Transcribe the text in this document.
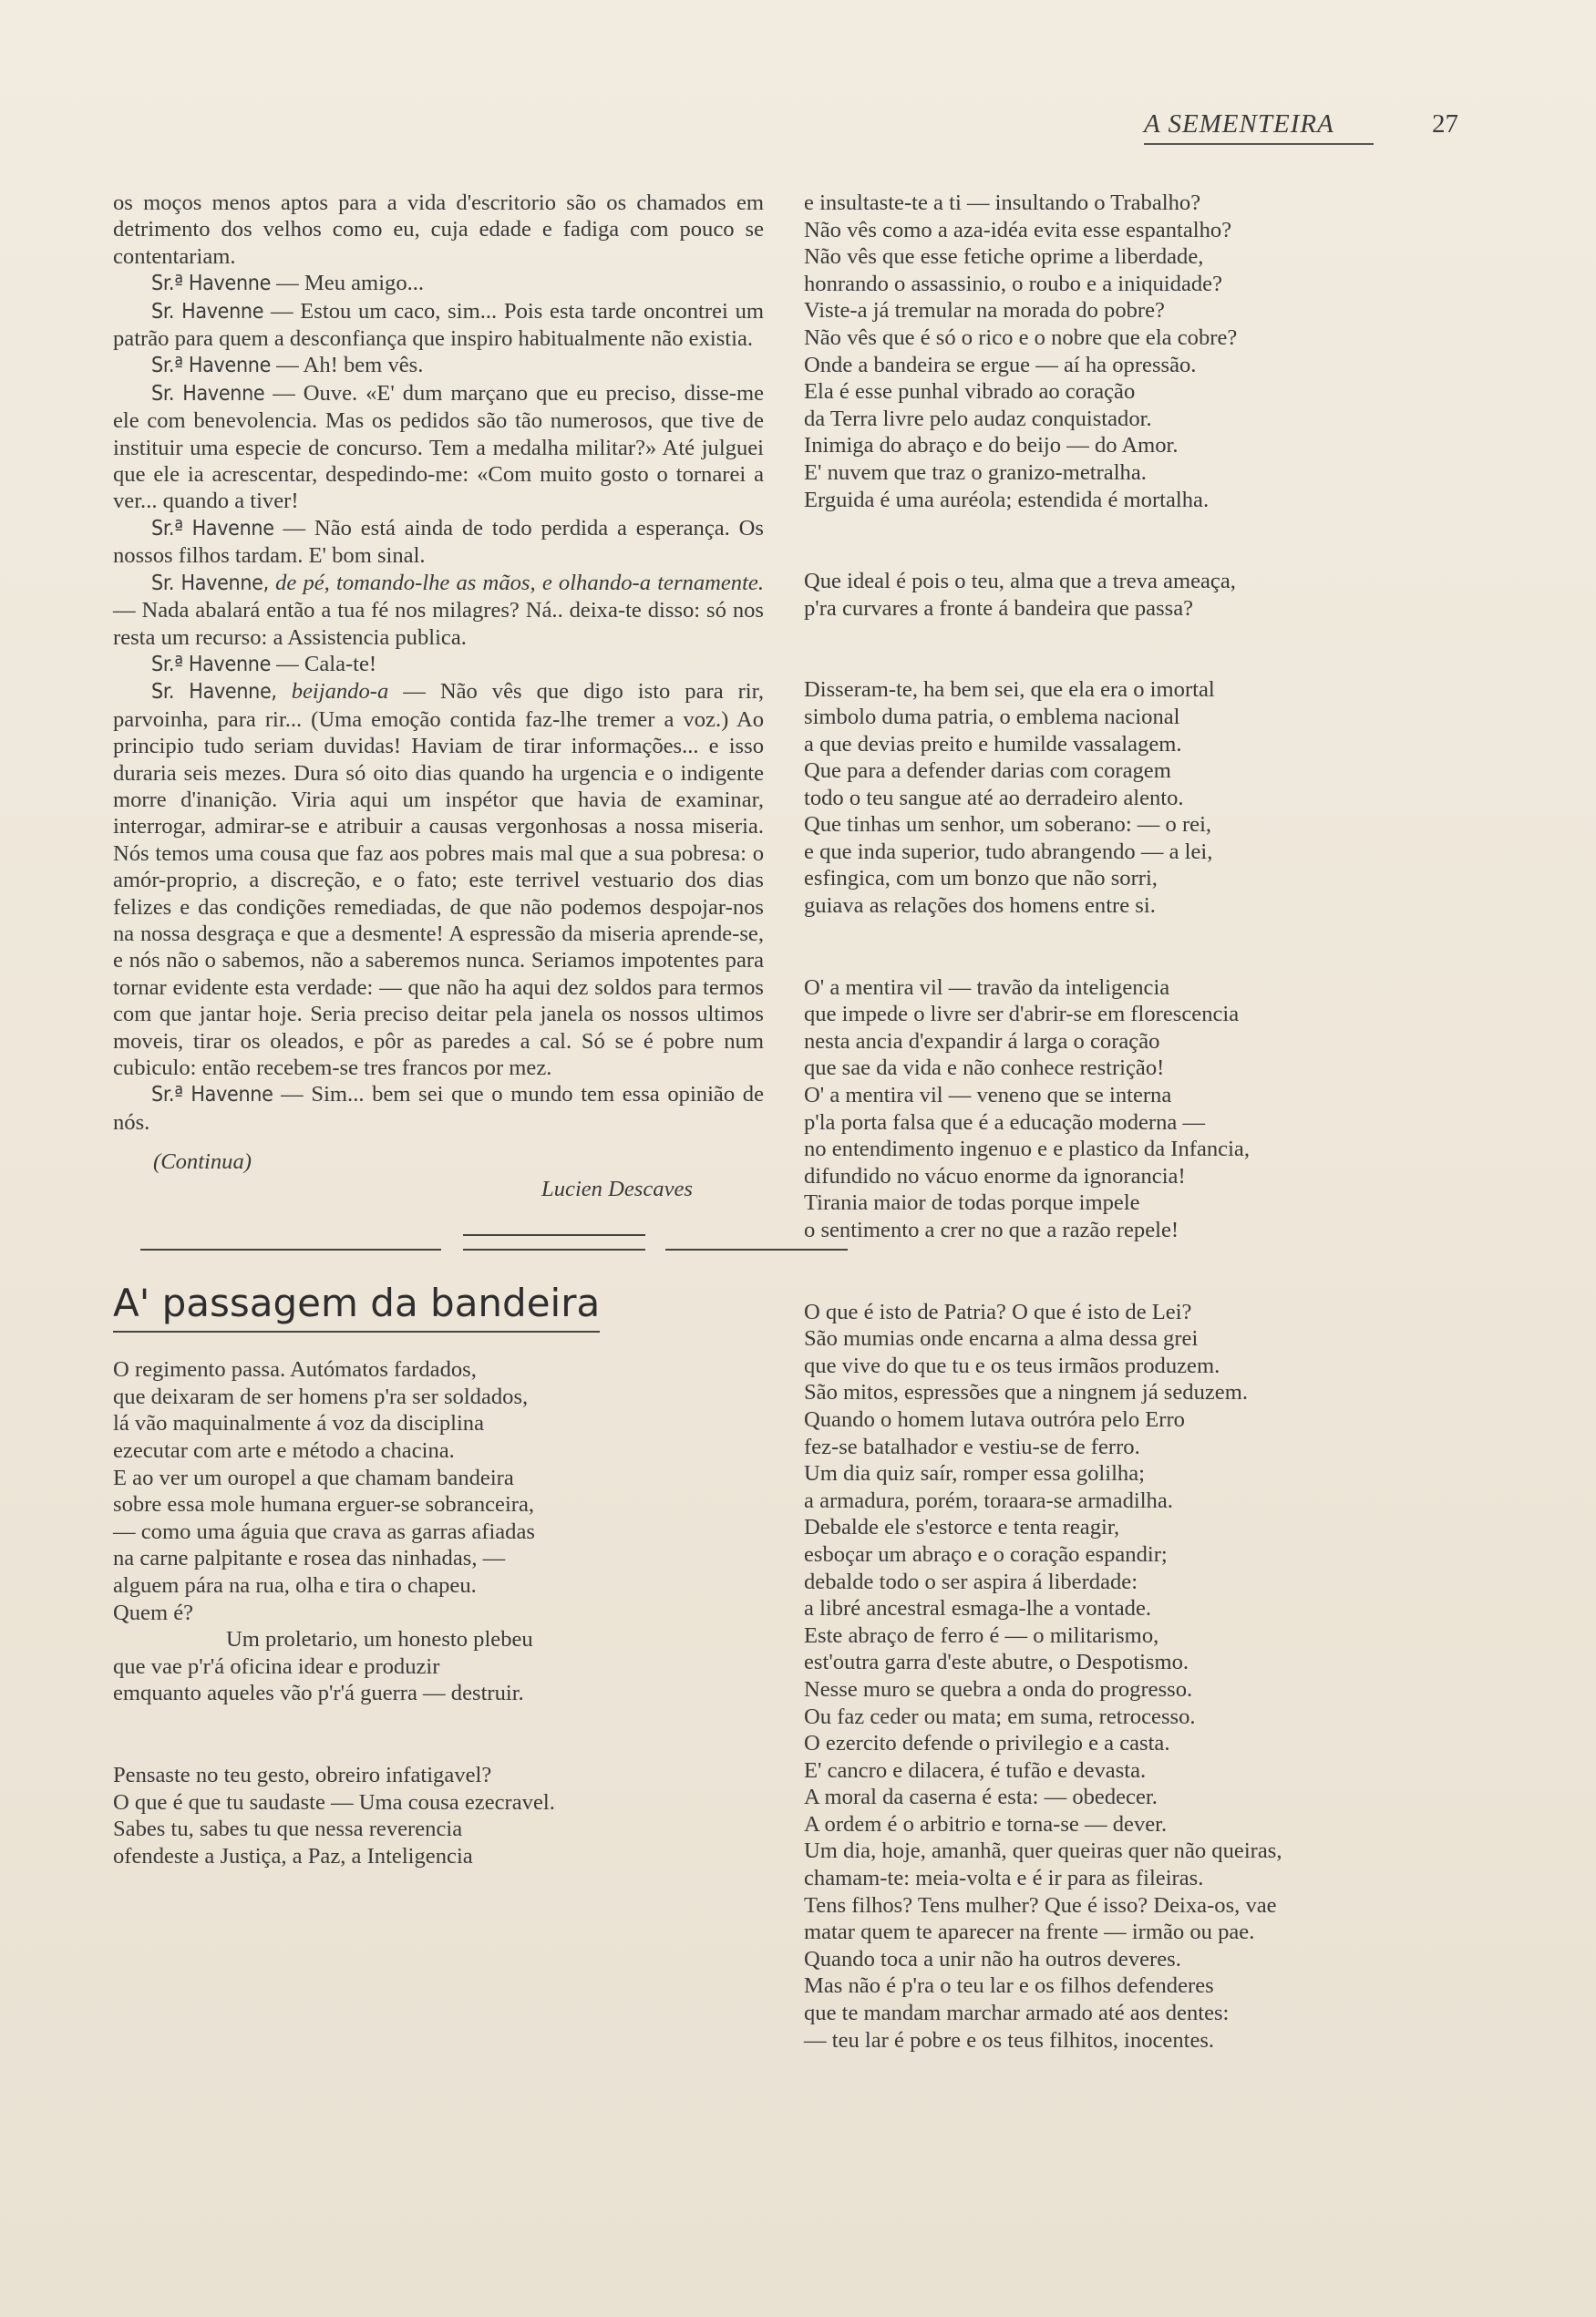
A SEMENTEIRA	27

os moços menos aptos para a vida d'escritorio são os chamados em detrimento dos velhos como eu, cuja edade e fadiga com pouco se contentariam.

Sr.ª Havenne — Meu amigo...

Sr. Havenne — Estou um caco, sim... Pois esta tarde oncontrei um patrão para quem a desconfiança que inspiro habitualmente não existia.

Sr.ª Havenne — Ah! bem vês.

Sr. Havenne — Ouve. «E' dum marçano que eu preciso, disse-me ele com benevolencia. Mas os pedidos são tão numerosos, que tive de instituir uma especie de concurso. Tem a medalha militar?» Até julguei que ele ia acrescentar, despedindo-me: «Com muito gosto o tornarei a ver... quando a tiver!

Sr.ª Havenne — Não está ainda de todo perdida a esperança. Os nossos filhos tardam. E' bom sinal.

Sr. Havenne, de pé, tomando-lhe as mãos, e olhando-a ternamente. — Nada abalará então a tua fé nos milagres? Ná.. deixa-te disso: só nos resta um recurso: a Assistencia publica.

Sr.ª Havenne — Cala-te!

Sr. Havenne, beijando-a — Não vês que digo isto para rir, parvoinha, para rir... (Uma emoção contida faz-lhe tremer a voz.) Ao principio tudo seriam duvidas! Haviam de tirar informações... e isso duraria seis mezes. Dura só oito dias quando ha urgencia e o indigente morre d'inanição. Viria aqui um inspétor que havia de examinar, interrogar, admirar-se e atribuir a causas vergonhosas a nossa miseria. Nós temos uma cousa que faz aos pobres mais mal que a sua pobresa: o amór-proprio, a discreção, e o fato; este terrivel vestuario dos dias felizes e das condições remediadas, de que não podemos despojar-nos na nossa desgraça e que a desmente! A espressão da miseria aprende-se, e nós não o sabemos, não a saberemos nunca. Seriamos impotentes para tornar evidente esta verdade: — que não ha aqui dez soldos para termos com que jantar hoje. Seria preciso deitar pela janela os nossos ultimos moveis, tirar os oleados, e pôr as paredes a cal. Só se é pobre num cubiculo: então recebem-se tres francos por mez.

Sr.ª Havenne — Sim... bem sei que o mundo tem essa opinião de nós.

(Continua)
Lucien Descaves
A' passagem da bandeira

O regimento passa. Autómatos fardados,

que deixaram de ser homens p'ra ser soldados,

lá vão maquinalmente á voz da disciplina

ezecutar com arte e método a chacina.

E ao ver um ouropel a que chamam bandeira

sobre essa mole humana erguer-se sobranceira,

— como uma águia que crava as garras afiadas

na carne palpitante e rosea das ninhadas, —

alguem pára na rua, olha e tira o chapeu.

Quem é?

Um proletario, um honesto plebeu

que vae p'r'á oficina idear e produzir

emquanto aqueles vão p'r'á guerra — destruir.

Pensaste no teu gesto, obreiro infatigavel?

O que é que tu saudaste — Uma cousa ezecravel.

Sabes tu, sabes tu que nessa reverencia

ofendeste a Justiça, a Paz, a Inteligencia

e insultaste-te a ti — insultando o Trabalho?

Não vês como a aza-idéa evita esse espantalho?

Não vês que esse fetiche oprime a liberdade,

honrando o assassinio, o roubo e a iniquidade?

Viste-a já tremular na morada do pobre?

Não vês que é só o rico e o nobre que ela cobre?

Onde a bandeira se ergue — aí ha opressão.

Ela é esse punhal vibrado ao coração

da Terra livre pelo audaz conquistador.

Inimiga do abraço e do beijo — do Amor.

E' nuvem que traz o granizo-metralha.

Erguida é uma auréola; estendida é mortalha.

Que ideal é pois o teu, alma que a treva ameaça,

p'ra curvares a fronte á bandeira que passa?

Disseram-te, ha bem sei, que ela era o imortal

simbolo duma patria, o emblema nacional

a que devias preito e humilde vassalagem.

Que para a defender darias com coragem

todo o teu sangue até ao derradeiro alento.

Que tinhas um senhor, um soberano: — o rei,

e que inda superior, tudo abrangendo — a lei,

esfingica, com um bonzo que não sorri,

guiava as relações dos homens entre si.

O' a mentira vil — travão da inteligencia

que impede o livre ser d'abrir-se em florescencia

nesta ancia d'expandir á larga o coração

que sae da vida e não conhece restrição!

O' a mentira vil — veneno que se interna

p'la porta falsa que é a educação moderna —

no entendimento ingenuo e e plastico da Infancia,

difundido no vácuo enorme da ignorancia!

Tirania maior de todas porque impele

o sentimento a crer no que a razão repele!

O que é isto de Patria? O que é isto de Lei?

São mumias onde encarna a alma dessa grei

que vive do que tu e os teus irmãos produzem.

São mitos, espressões que a ningnem já seduzem.

Quando o homem lutava outróra pelo Erro

fez-se batalhador e vestiu-se de ferro.

Um dia quiz saír, romper essa golilha;

a armadura, porém, toraara-se armadilha.

Debalde ele s'estorce e tenta reagir,

esboçar um abraço e o coração espandir;

debalde todo o ser aspira á liberdade:

a libré ancestral esmaga-lhe a vontade.

Este abraço de ferro é — o militarismo,

est'outra garra d'este abutre, o Despotismo.

Nesse muro se quebra a onda do progresso.

Ou faz ceder ou mata; em suma, retrocesso.

O ezercito defende o privilegio e a casta.

E' cancro e dilacera, é tufão e devasta.

A moral da caserna é esta: — obedecer.

A ordem é o arbitrio e torna-se — dever.

Um dia, hoje, amanhã, quer queiras quer não queiras,

chamam-te: meia-volta e é ir para as fileiras.

Tens filhos? Tens mulher? Que é isso? Deixa-os, vae

matar quem te aparecer na frente — irmão ou pae.

Quando toca a unir não ha outros deveres.

Mas não é p'ra o teu lar e os filhos defenderes

que te mandam marchar armado até aos dentes:

— teu lar é pobre e os teus filhitos, inocentes.
